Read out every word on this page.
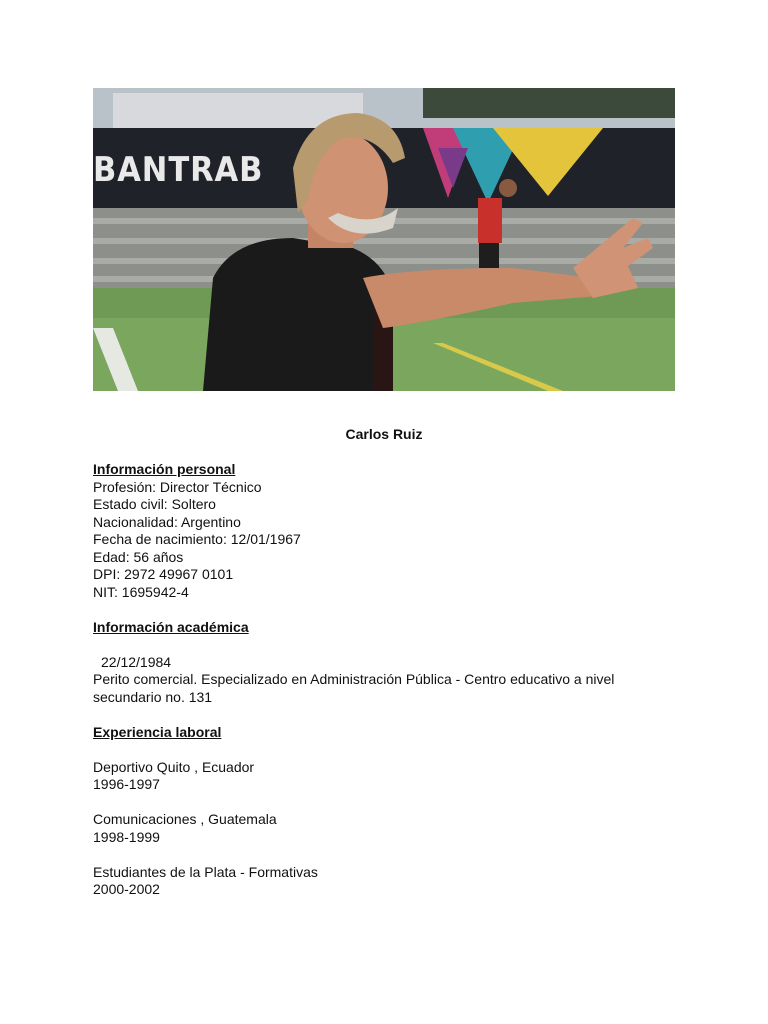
BANTRAB

Carlos Ruiz

Información personal

Profesión: Director Técnico

Estado civil: Soltero

Nacionalidad: Argentino

Fecha de nacimiento: 12/01/1967

Edad: 56 años

DPI: 2972 49967 0101

NIT: 1695942-4

Información académica

22/12/1984

Perito comercial. Especializado en Administración Pública - Centro educativo a nivel secundario no. 131

Experiencia laboral

Deportivo Quito , Ecuador

1996-1997

Comunicaciones , Guatemala

1998-1999

Estudiantes de la Plata - Formativas

2000-2002
